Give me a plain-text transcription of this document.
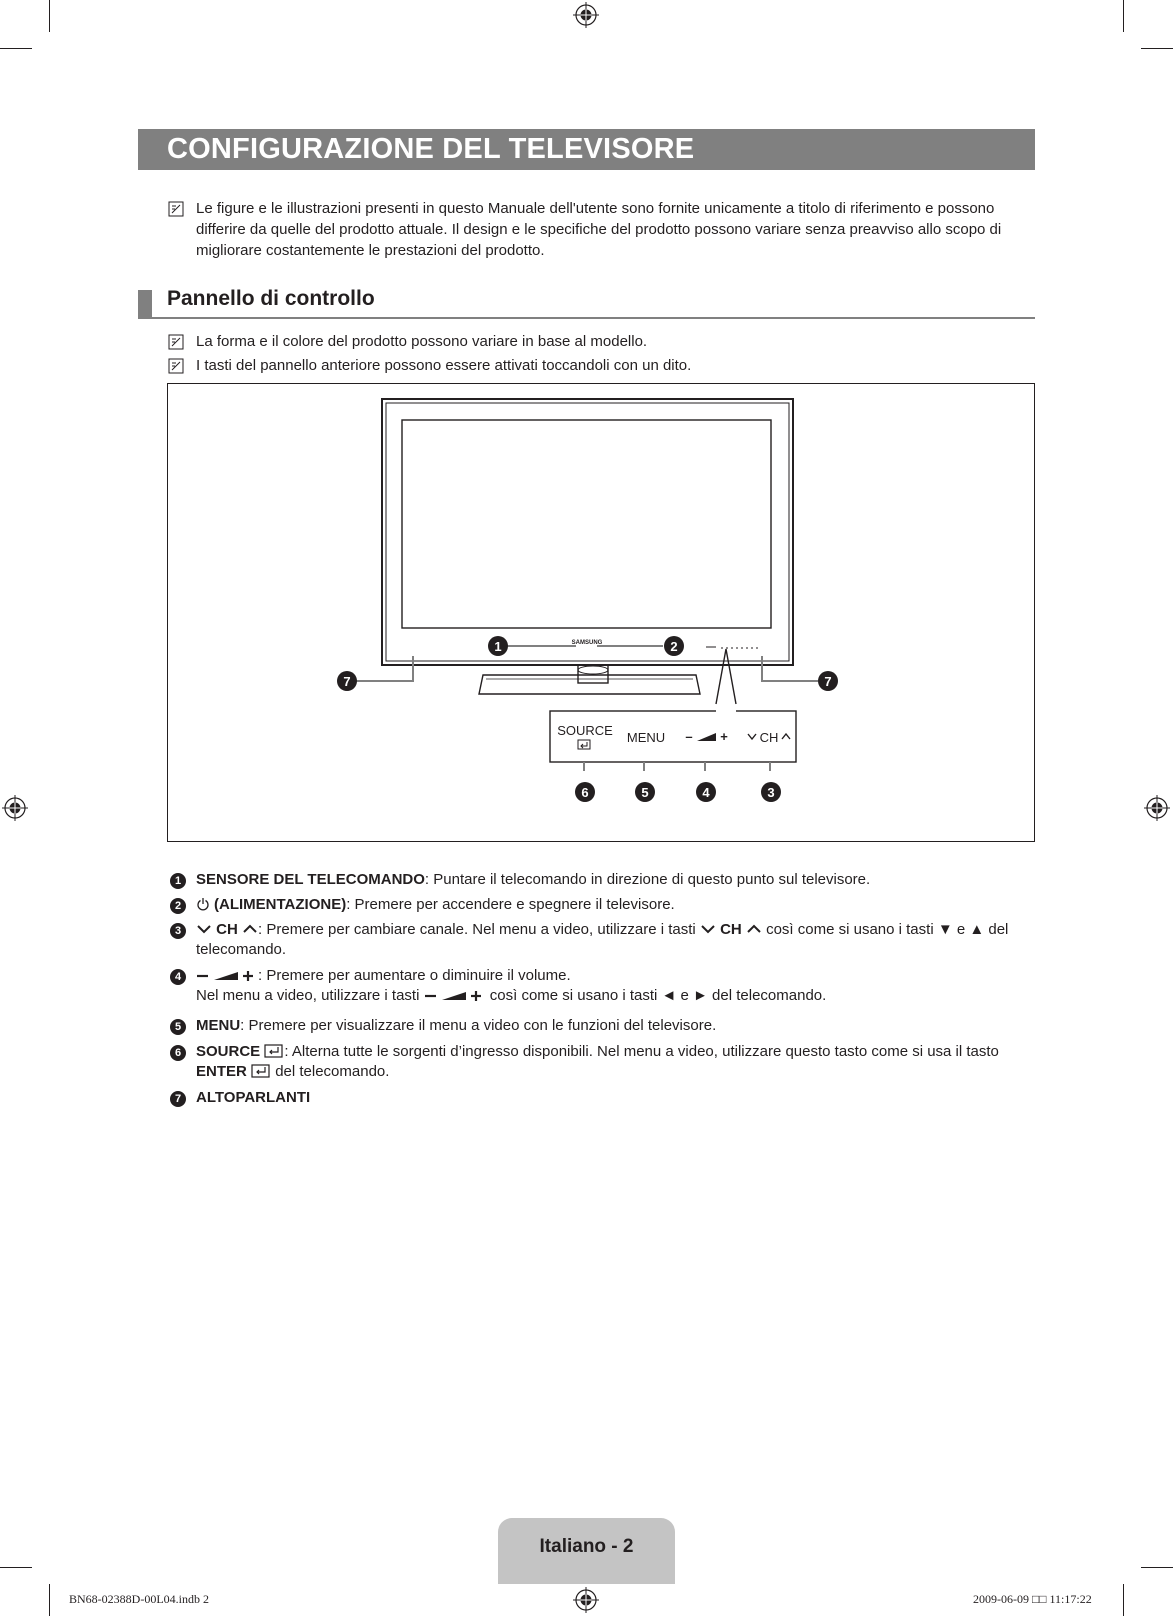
CONFIGURAZIONE DEL TELEVISORE
Le figure e le illustrazioni presenti in questo Manuale dell'utente sono fornite unicamente a titolo di riferimento e possono
differire da quelle del prodotto attuale. Il design e le specifiche del prodotto possono variare senza preavviso allo scopo di
migliorare costantemente le prestazioni del prodotto.
Pannello di controllo
La forma e il colore del prodotto possono variare in base al modello.
I tasti del pannello anteriore possono essere attivati toccandoli con un dito.
SAMSUNG
SOURCE MENU – + CH
1	2
7	7
6	5	4	3
1 SENSORE DEL TELECOMANDO: Puntare il telecomando in direzione di questo punto sul televisore.
2	(ALIMENTAZIONE): Premere per accendere e spegnere il televisore.
3	CH : Premere per cambiare canale. Nel menu a video, utilizzare i tasti CH così come si usano i tasti ▼ e ▲ del
telecomando.
4	: Premere per aumentare o diminuire il volume.
Nel menu a video, utilizzare i tasti	così come si usano i tasti ◄ e ► del telecomando.
5 MENU: Premere per visualizzare il menu a video con le funzioni del televisore.
6 SOURCE : Alterna tutte le sorgenti d’ingresso disponibili. Nel menu a video, utilizzare questo tasto come si usa il tasto
ENTER del telecomando.
7 ALTOPARLANTI
Italiano - 2
BN68-02388D-00L04.indb 2	2009-06-09 □□ 11:17:22
